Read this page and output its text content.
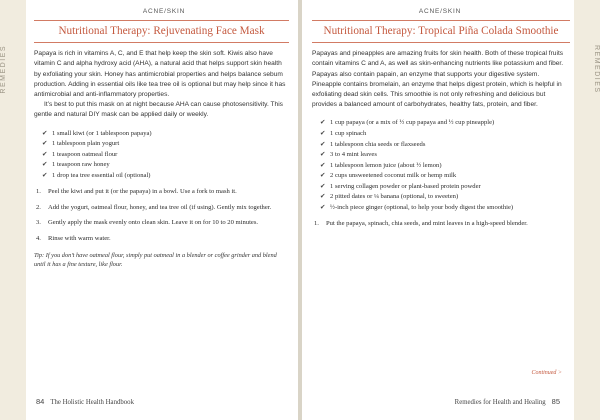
REMEDIES
ACNE/SKIN
Nutritional Therapy: Rejuvenating Face Mask

Papaya is rich in vitamins A, C, and E that help keep the skin soft. Kiwis also have vitamin C and alpha hydroxy acid (AHA), a natural acid that helps support skin health by exfoliating your skin. Honey has antimicrobial properties and helps balance sebum production. Adding in essential oils like tea tree oil is optional but may help since it has antimicrobial and anti-inflammatory properties.

It’s best to put this mask on at night because AHA can cause photosensitivity. This gentle and natural DIY mask can be applied daily or weekly.

✔ 1 small kiwi (or 1 tablespoon papaya)
✔ 1 tablespoon plain yogurt
✔ 1 teaspoon oatmeal flour
✔ 1 teaspoon raw honey
✔ 1 drop tea tree essential oil (optional)
1. Peel the kiwi and put it (or the papaya) in a bowl. Use a fork to mash it.
2. Add the yogurt, oatmeal flour, honey, and tea tree oil (if using). Gently mix together.
3. Gently apply the mask evenly onto clean skin. Leave it on for 10 to 20 minutes.
4. Rinse with warm water.
Tip: If you don’t have oatmeal flour, simply put oatmeal in a blender or coffee grinder and blend until it has a fine texture, like flour.
84 The Holistic Health Handbook
REMEDIES
ACNE/SKIN
Nutritional Therapy: Tropical Piña Colada Smoothie

Papayas and pineapples are amazing fruits for skin health. Both of these tropical fruits contain vitamins C and A, as well as skin-enhancing nutrients like potassium and fiber. Papayas also contain papain, an enzyme that supports your digestive system. Pineapple contains bromelain, an enzyme that helps digest protein, which is helpful in exfoliating dead skin cells. This smoothie is not only refreshing and delicious but provides a balanced amount of carbohydrates, healthy fats, protein, and fiber.

✔ 1 cup papaya (or a mix of ½ cup papaya and ½ cup pineapple)
✔ 1 cup spinach
✔ 1 tablespoon chia seeds or flaxseeds
✔ 3 to 4 mint leaves
✔ 1 tablespoon lemon juice (about ½ lemon)
✔ 2 cups unsweetened coconut milk or hemp milk
✔ 1 serving collagen powder or plant-based protein powder
✔ 2 pitted dates or ¼ banana (optional, to sweeten)
✔ ½-inch piece ginger (optional, to help your body digest the smoothie)
1. Put the papaya, spinach, chia seeds, and mint leaves in a high-speed blender.
Continued >
Remedies for Health and Healing 85
